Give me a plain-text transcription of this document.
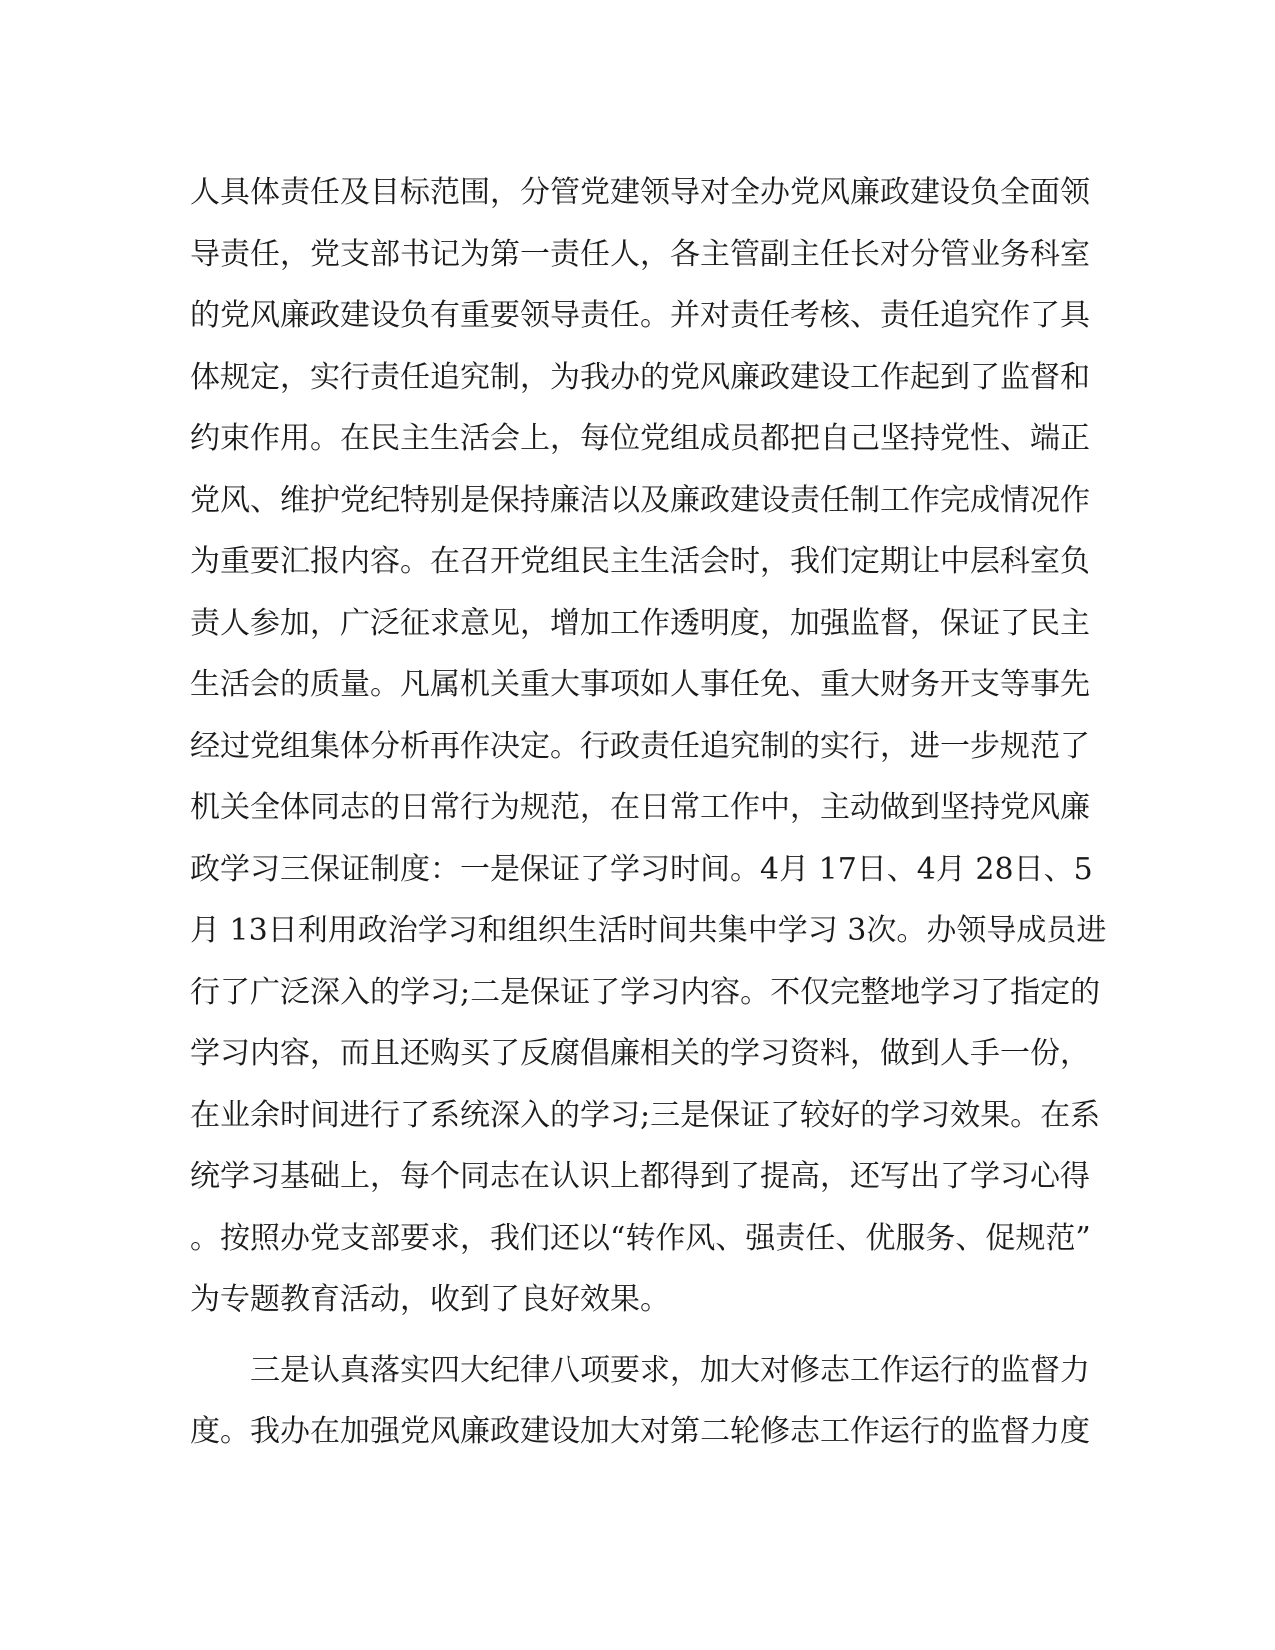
人具体责任及目标范围，分管党建领导对全办党风廉政建设负全面领
导责任，党支部书记为第一责任人，各主管副主任长对分管业务科室
的党风廉政建设负有重要领导责任。并对责任考核、责任追究作了具
体规定，实行责任追究制，为我办的党风廉政建设工作起到了监督和
约束作用。在民主生活会上，每位党组成员都把自己坚持党性、端正
党风、维护党纪特别是保持廉洁以及廉政建设责任制工作完成情况作
为重要汇报内容。在召开党组民主生活会时，我们定期让中层科室负
责人参加，广泛征求意见，增加工作透明度，加强监督，保证了民主
生活会的质量。凡属机关重大事项如人事任免、重大财务开支等事先
经过党组集体分析再作决定。行政责任追究制的实行，进一步规范了
机关全体同志的日常行为规范，在日常工作中，主动做到坚持党风廉
政学习三保证制度：一是保证了学习时间。4月 17日、4月 28日、5
月 13日利用政治学习和组织生活时间共集中学习 3次。办领导成员进
行了广泛深入的学习;二是保证了学习内容。不仅完整地学习了指定的
学习内容，而且还购买了反腐倡廉相关的学习资料，做到人手一份，
在业余时间进行了系统深入的学习;三是保证了较好的学习效果。在系
统学习基础上，每个同志在认识上都得到了提高，还写出了学习心得
。按照办党支部要求，我们还以“转作风、强责任、优服务、促规范”
为专题教育活动，收到了良好效果。
　　三是认真落实四大纪律八项要求，加大对修志工作运行的监督力
度。我办在加强党风廉政建设加大对第二轮修志工作运行的监督力度
